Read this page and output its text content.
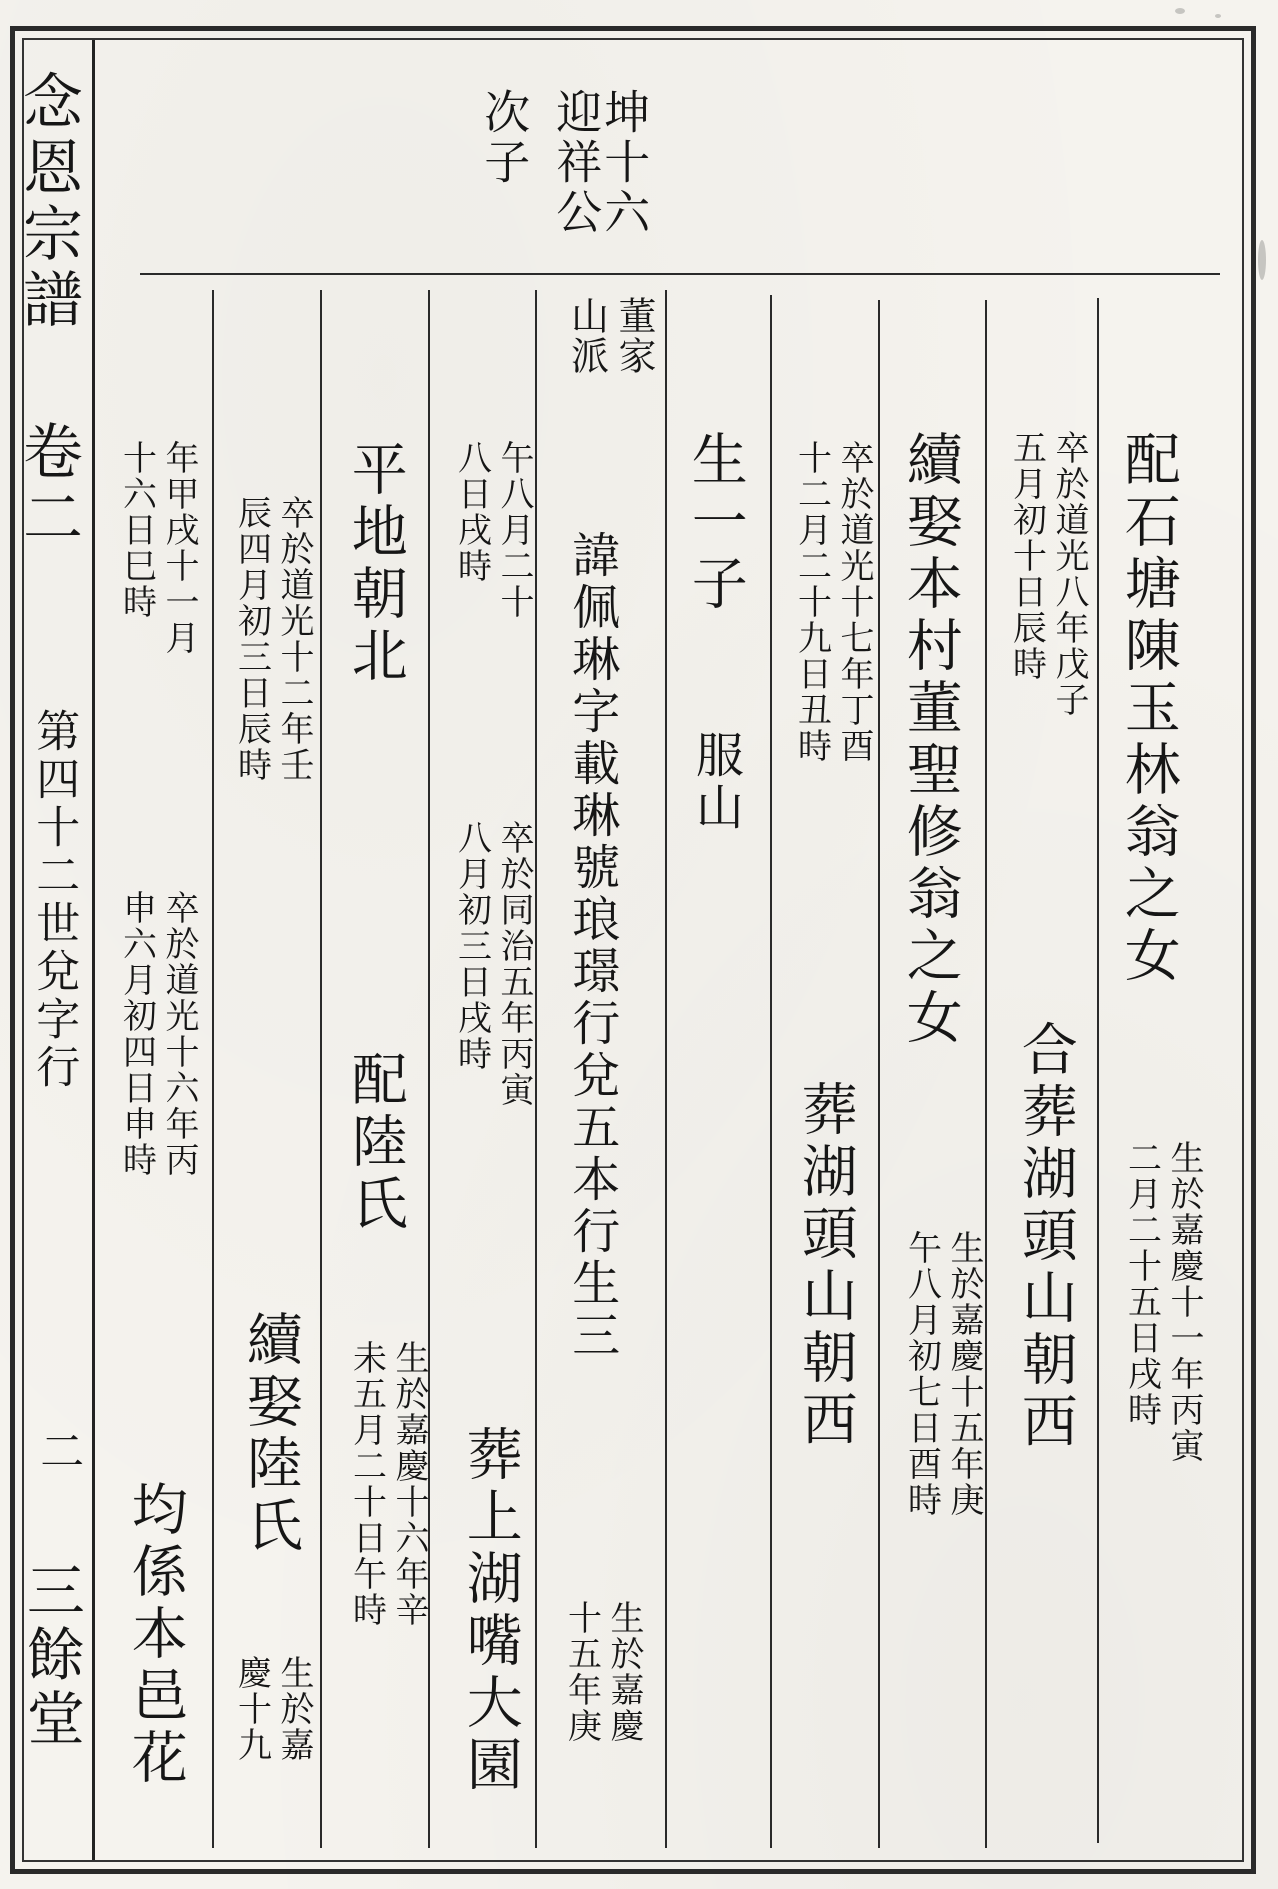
念恩宗譜
卷二
第四十二世兌字行
二
三餘堂
坤十六
迎祥公
次子
配石塘陳玉林翁之女
生於嘉慶十一年丙寅
二月二十五日戌時
卒於道光八年戊子
五月初十日辰時
合葬湖頭山朝西
續娶本村董聖修翁之女
生於嘉慶十五年庚
午八月初七日酉時
卒於道光十七年丁酉
十二月二十九日丑時
葬湖頭山朝西
生一子
服山
董家
山派
諱佩琳字載琳號琅璟行兌五本行生三
生於嘉慶
十五年庚
午八月二十
八日戌時
卒於同治五年丙寅
八月初三日戌時
葬上湖嘴大園
平地朝北
配陸氏
生於嘉慶十六年辛
未五月二十日午時
卒於道光十二年壬
辰四月初三日辰時
續娶陸氏
生於嘉
慶十九
年甲戌十一月
十六日巳時
卒於道光十六年丙
申六月初四日申時
均係本邑花
